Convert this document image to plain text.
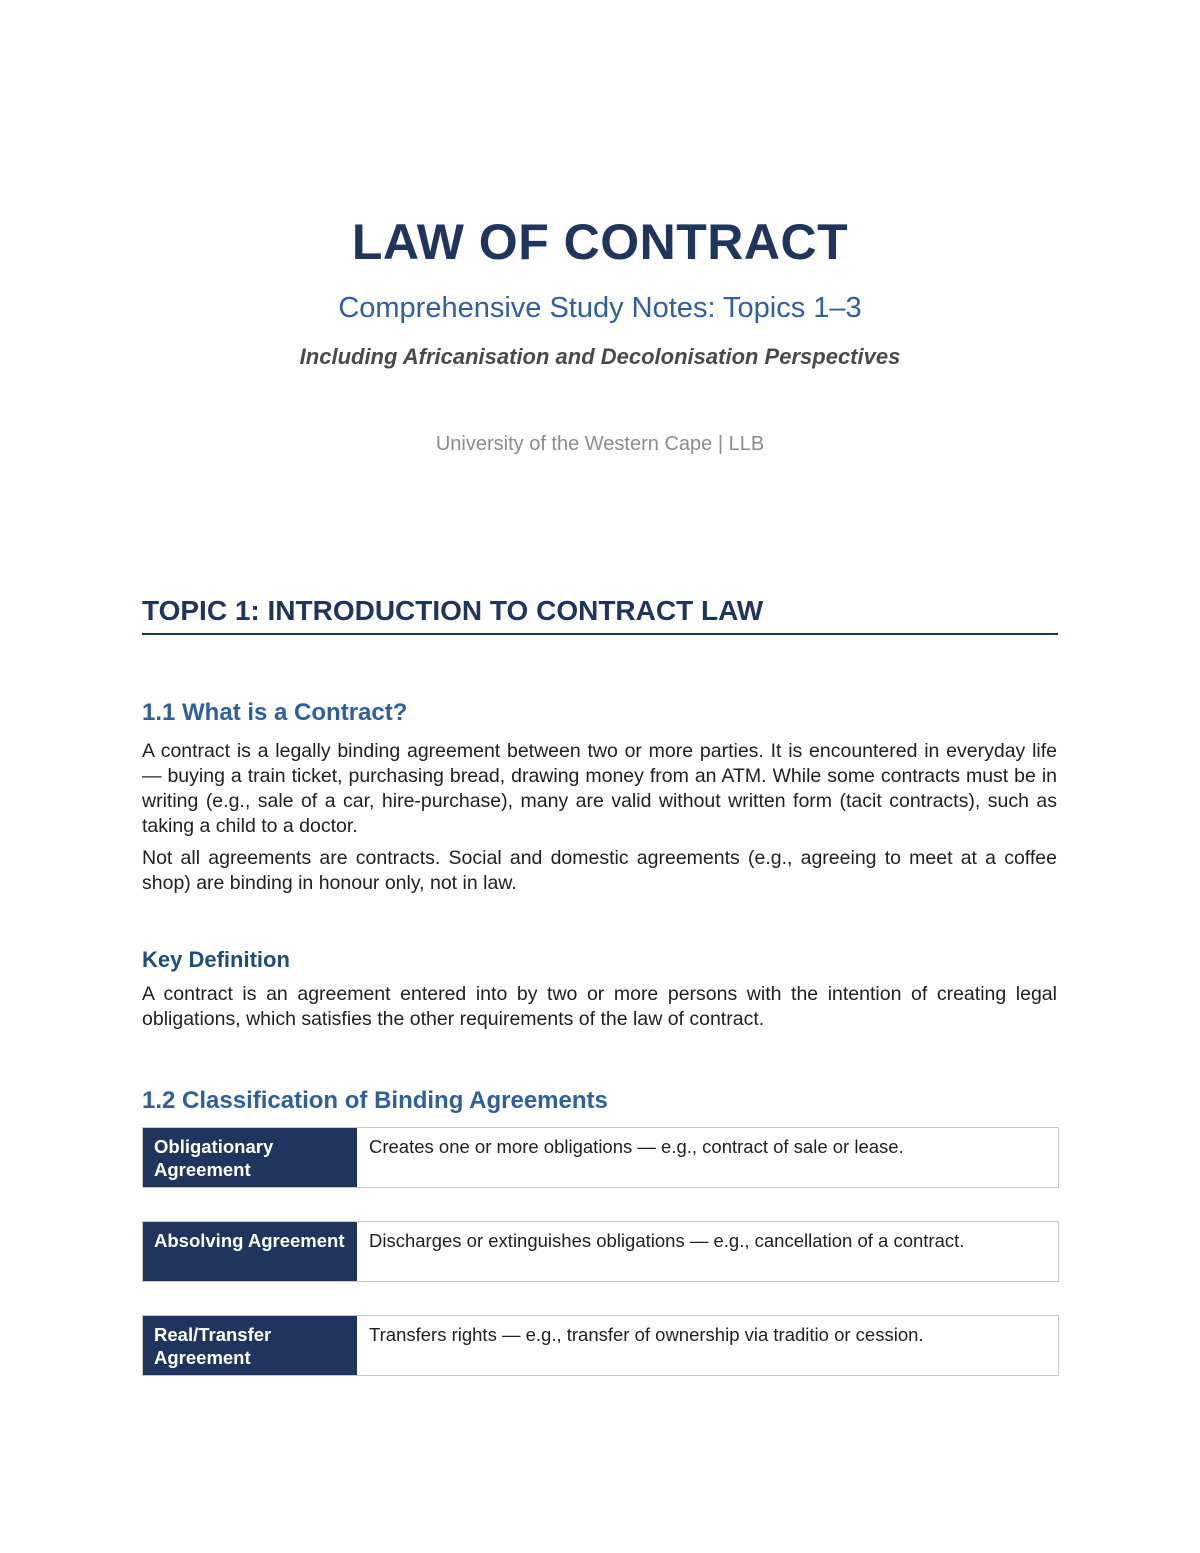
LAW OF CONTRACT
Comprehensive Study Notes: Topics 1–3
Including Africanisation and Decolonisation Perspectives
University of the Western Cape | LLB
TOPIC 1: INTRODUCTION TO CONTRACT LAW
1.1 What is a Contract?

A contract is a legally binding agreement between two or more parties. It is encountered in everyday life — buying a train ticket, purchasing bread, drawing money from an ATM. While some contracts must be in writing (e.g., sale of a car, hire-purchase), many are valid without written form (tacit contracts), such as taking a child to a doctor.

Not all agreements are contracts. Social and domestic agreements (e.g., agreeing to meet at a coffee shop) are binding in honour only, not in law.

Key Definition

A contract is an agreement entered into by two or more persons with the intention of creating legal obligations, which satisfies the other requirements of the law of contract.

1.2 Classification of Binding Agreements
Obligationary Agreement
Creates one or more obligations — e.g., contract of sale or lease.
Absolving Agreement	Discharges or extinguishes obligations — e.g., cancellation of a contract.
Real/Transfer Agreement
Transfers rights — e.g., transfer of ownership via traditio or cession.
